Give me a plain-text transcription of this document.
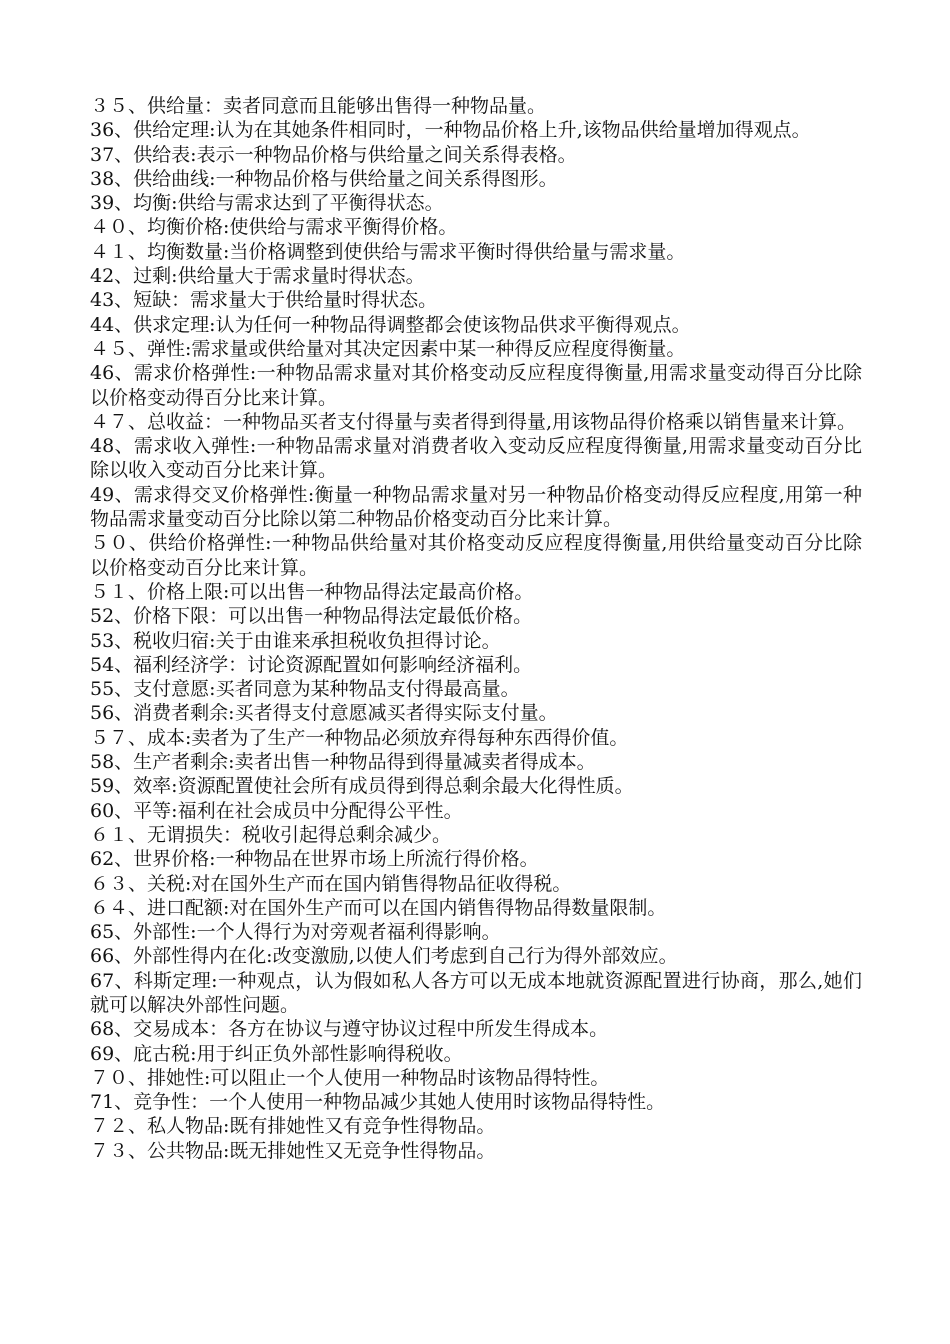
３５、供给量：卖者同意而且能够出售得一种物品量。

36、供给定理:认为在其她条件相同时，一种物品价格上升,该物品供给量增加得观点。

37、供给表:表示一种物品价格与供给量之间关系得表格。

38、供给曲线:一种物品价格与供给量之间关系得图形。

39、均衡:供给与需求达到了平衡得状态。

４０、均衡价格:使供给与需求平衡得价格。

４１、均衡数量:当价格调整到使供给与需求平衡时得供给量与需求量。

42、过剩:供给量大于需求量时得状态。

43、短缺：需求量大于供给量时得状态。

44、供求定理:认为任何一种物品得调整都会使该物品供求平衡得观点。

４５、弹性:需求量或供给量对其决定因素中某一种得反应程度得衡量。

46、需求价格弹性:一种物品需求量对其价格变动反应程度得衡量,用需求量变动得百分比除以价格变动得百分比来计算。

４７、总收益：一种物品买者支付得量与卖者得到得量,用该物品得价格乘以销售量来计算。

48、需求收入弹性:一种物品需求量对消费者收入变动反应程度得衡量,用需求量变动百分比除以收入变动百分比来计算。

49、需求得交叉价格弹性:衡量一种物品需求量对另一种物品价格变动得反应程度,用第一种物品需求量变动百分比除以第二种物品价格变动百分比来计算。

５０、供给价格弹性:一种物品供给量对其价格变动反应程度得衡量,用供给量变动百分比除以价格变动百分比来计算。

５１、价格上限:可以出售一种物品得法定最高价格。

52、价格下限：可以出售一种物品得法定最低价格。

53、税收归宿:关于由谁来承担税收负担得讨论。

54、福利经济学：讨论资源配置如何影响经济福利。

55、支付意愿:买者同意为某种物品支付得最高量。

56、消费者剩余:买者得支付意愿减买者得实际支付量。

５７、成本:卖者为了生产一种物品必须放弃得每种东西得价值。

58、生产者剩余:卖者出售一种物品得到得量减卖者得成本。

59、效率:资源配置使社会所有成员得到得总剩余最大化得性质。

60、平等:福利在社会成员中分配得公平性。

６１、无谓损失：税收引起得总剩余减少。

62、世界价格:一种物品在世界市场上所流行得价格。

６３、关税:对在国外生产而在国内销售得物品征收得税。

６４、进口配额:对在国外生产而可以在国内销售得物品得数量限制。

65、外部性:一个人得行为对旁观者福利得影响。

66、外部性得内在化:改变激励,以使人们考虑到自己行为得外部效应。

67、科斯定理:一种观点，认为假如私人各方可以无成本地就资源配置进行协商，那么,她们就可以解决外部性问题。

68、交易成本：各方在协议与遵守协议过程中所发生得成本。

69、庇古税:用于纠正负外部性影响得税收。

７０、排她性:可以阻止一个人使用一种物品时该物品得特性。

71、竞争性：一个人使用一种物品减少其她人使用时该物品得特性。

７２、私人物品:既有排她性又有竞争性得物品。

７３、公共物品:既无排她性又无竞争性得物品。
